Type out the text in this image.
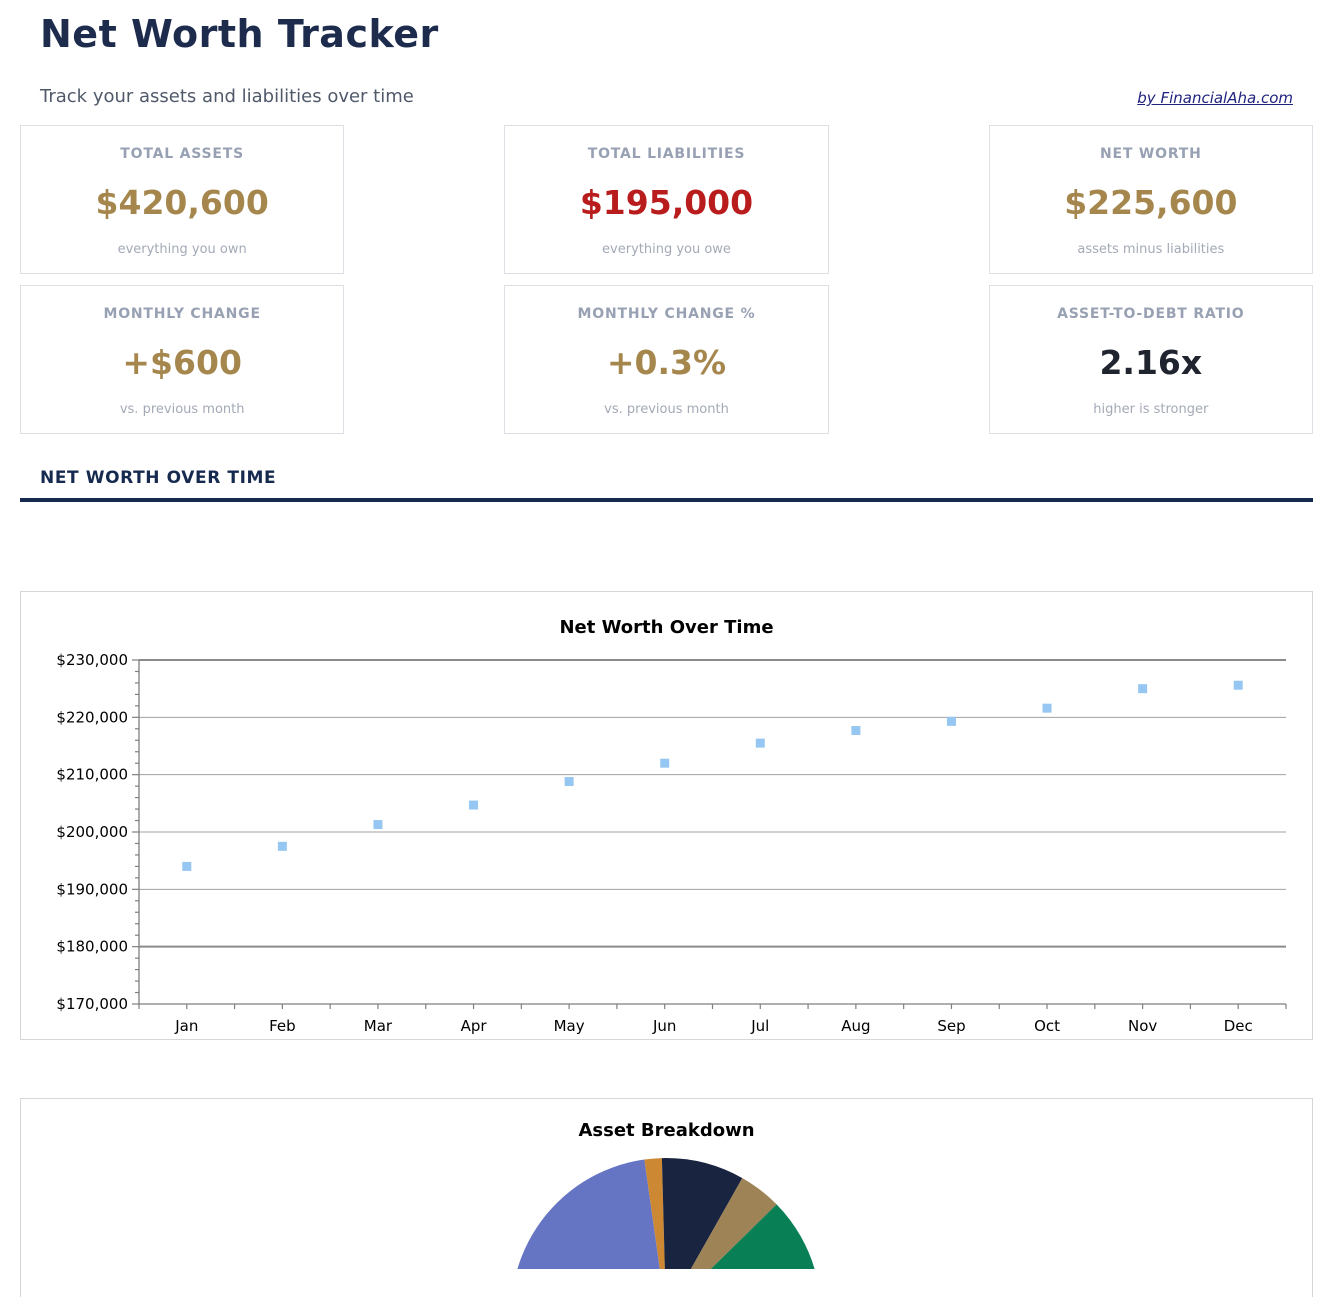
Net Worth Tracker
Track your assets and liabilities over time	by FinancialAha.com
TOTAL ASSETS
$420,600
everything you own
TOTAL LIABILITIES
$195,000
everything you owe
NET WORTH
$225,600
assets minus liabilities
MONTHLY CHANGE
+$600
vs. previous month
MONTHLY CHANGE %
+0.3%
vs. previous month
ASSET-TO-DEBT RATIO
2.16x
higher is stronger
NET WORTH OVER TIME
Net Worth Over Time
$170,000
$180,000
$190,000
$200,000
$210,000
$220,000
$230,000
Jan	Feb	Mar	Apr	May	Jun	Jul	Aug	Sep	Oct	Nov	Dec
Asset Breakdown
